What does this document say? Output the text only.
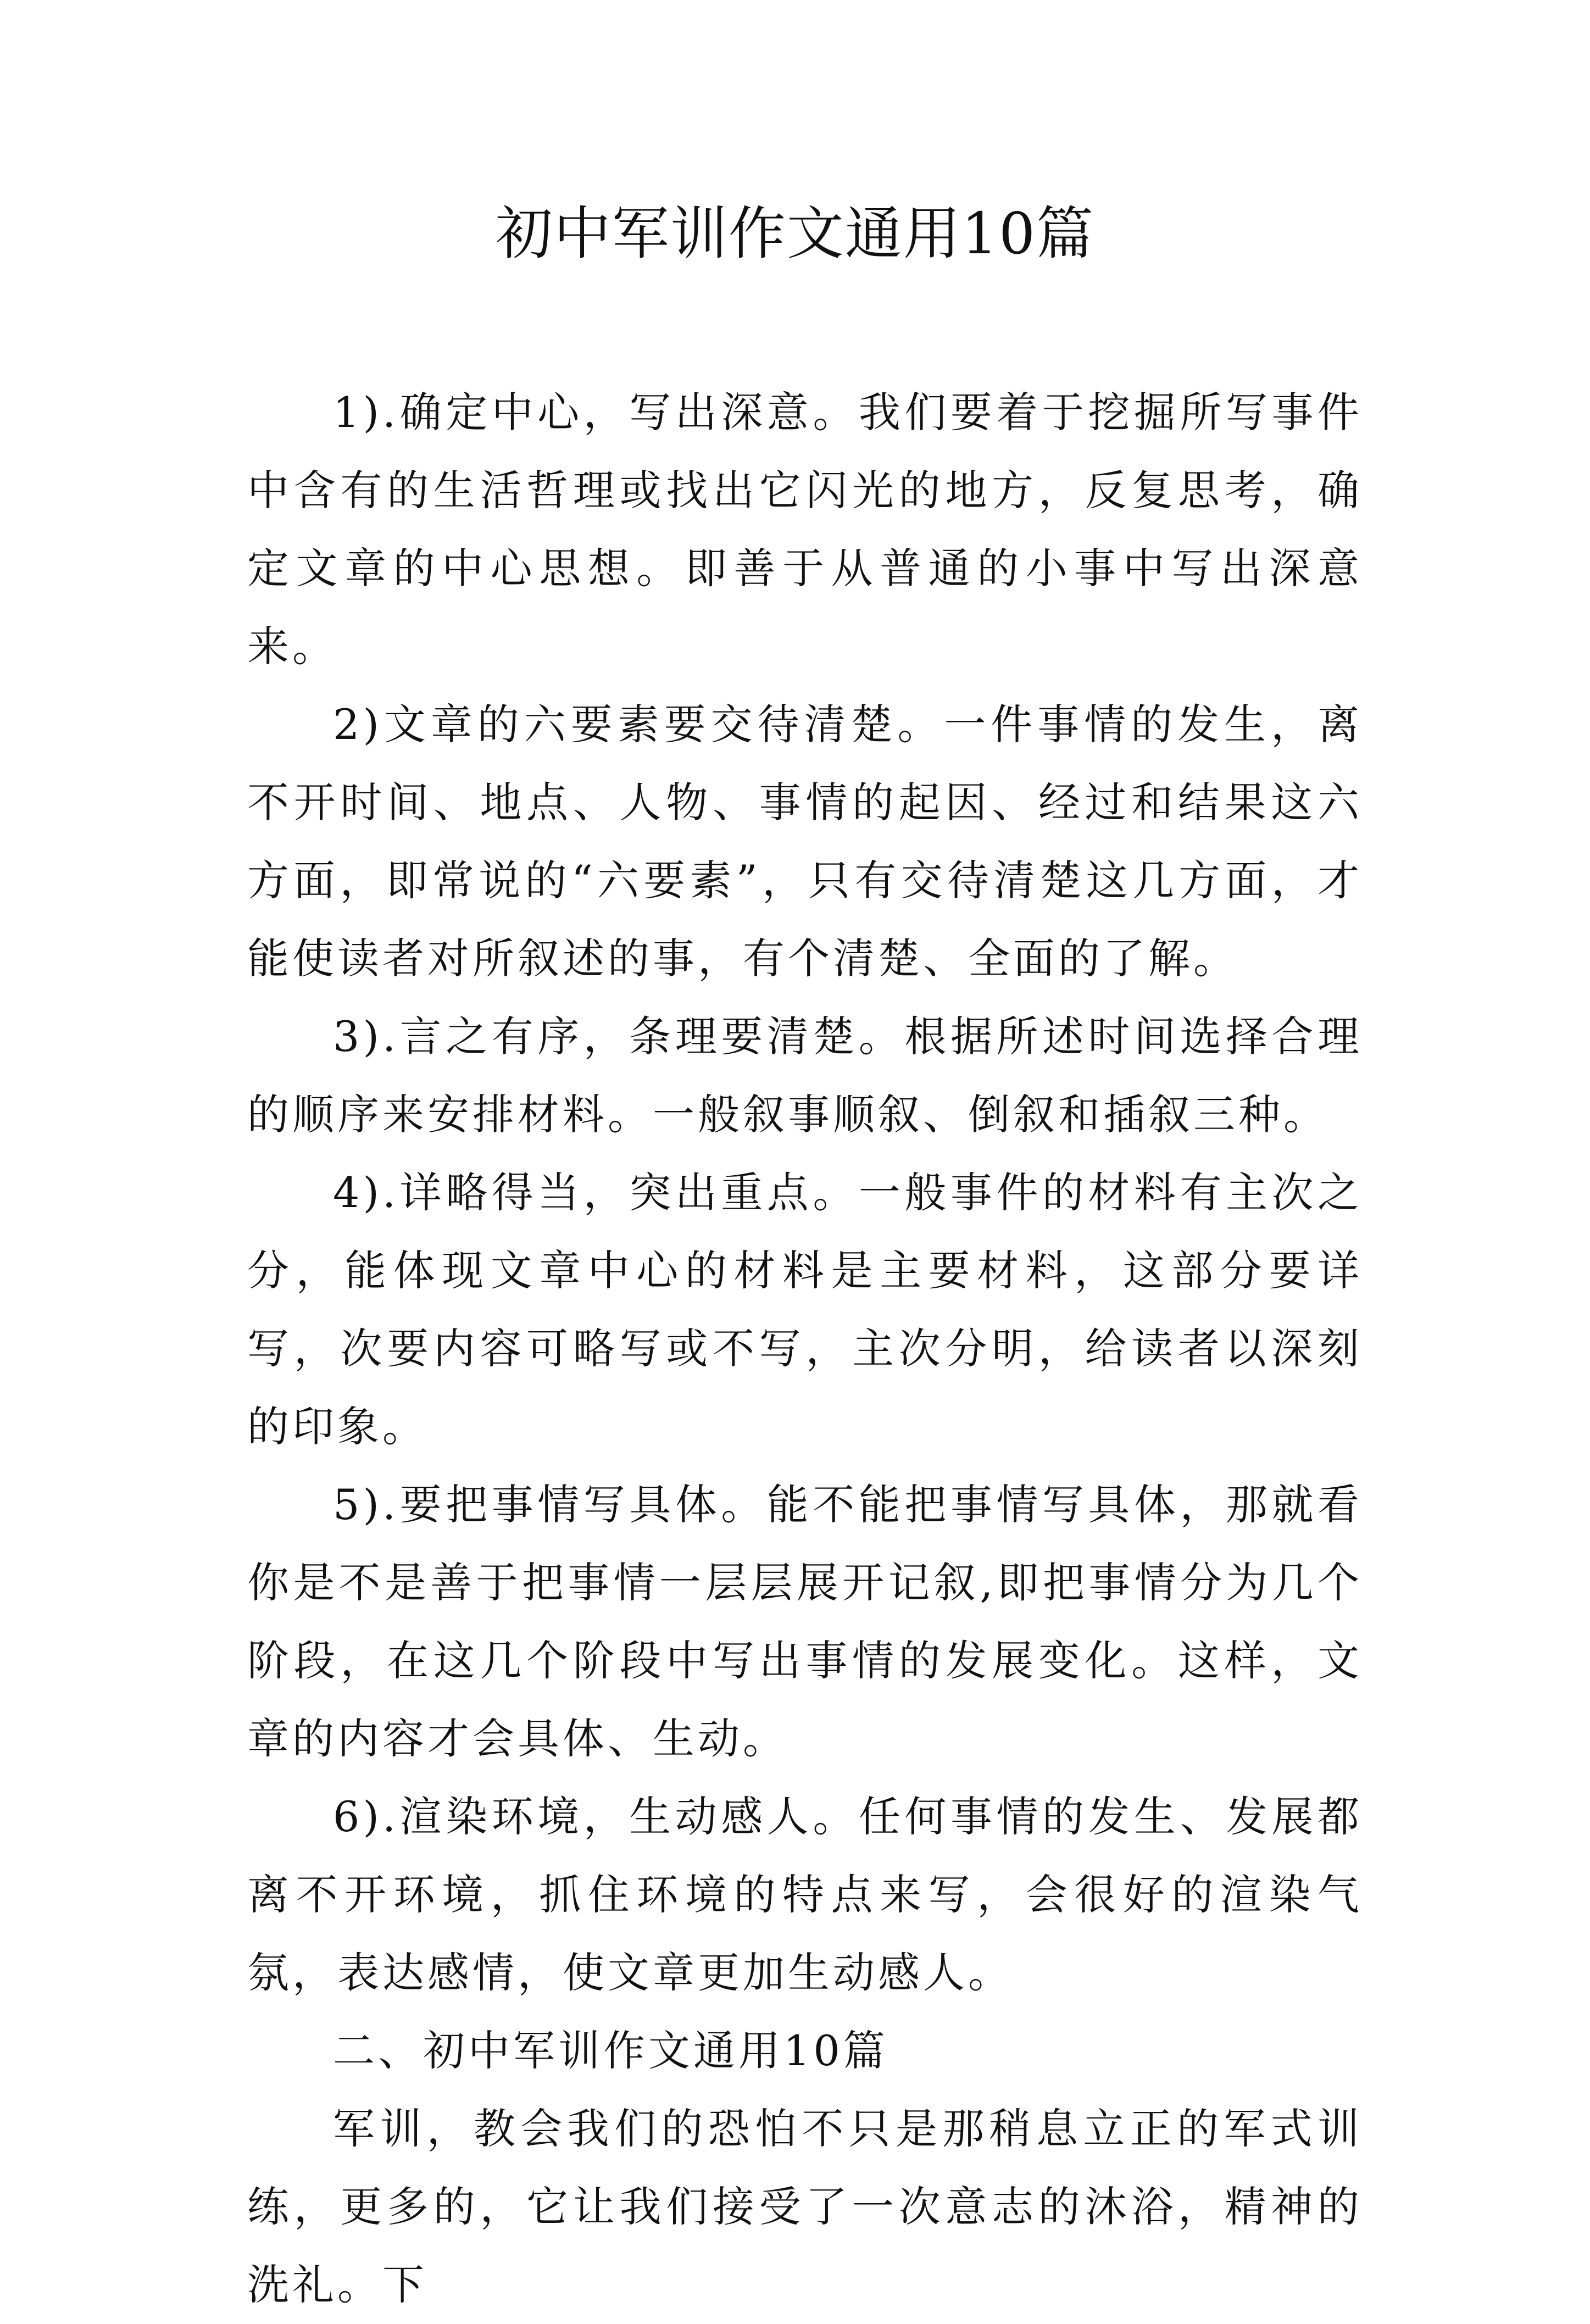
初中军训作文通用10篇

1).确定中心，写出深意。我们要着于挖掘所写事件中含有的生活哲理或找出它闪光的地方，反复思考，确定文章的中心思想。即善于从普通的小事中写出深意来。

2)文章的六要素要交待清楚。一件事情的发生，离不开时间、地点、人物、事情的起因、经过和结果这六方面，即常说的“六要素”，只有交待清楚这几方面，才能使读者对所叙述的事，有个清楚、全面的了解。

3).言之有序，条理要清楚。根据所述时间选择合理的顺序来安排材料。一般叙事顺叙、倒叙和插叙三种。

4).详略得当，突出重点。一般事件的材料有主次之分，能体现文章中心的材料是主要材料，这部分要详写，次要内容可略写或不写，主次分明，给读者以深刻的印象。

5).要把事情写具体。能不能把事情写具体，那就看你是不是善于把事情一层层展开记叙,即把事情分为几个阶段，在这几个阶段中写出事情的发展变化。这样，文章的内容才会具体、生动。

6).渲染环境，生动感人。任何事情的发生、发展都离不开环境，抓住环境的特点来写，会很好的渲染气氛，表达感情，使文章更加生动感人。

二、初中军训作文通用10篇

军训，教会我们的恐怕不只是那稍息立正的军式训练，更多的，它让我们接受了一次意志的沐浴，精神的洗礼。下
